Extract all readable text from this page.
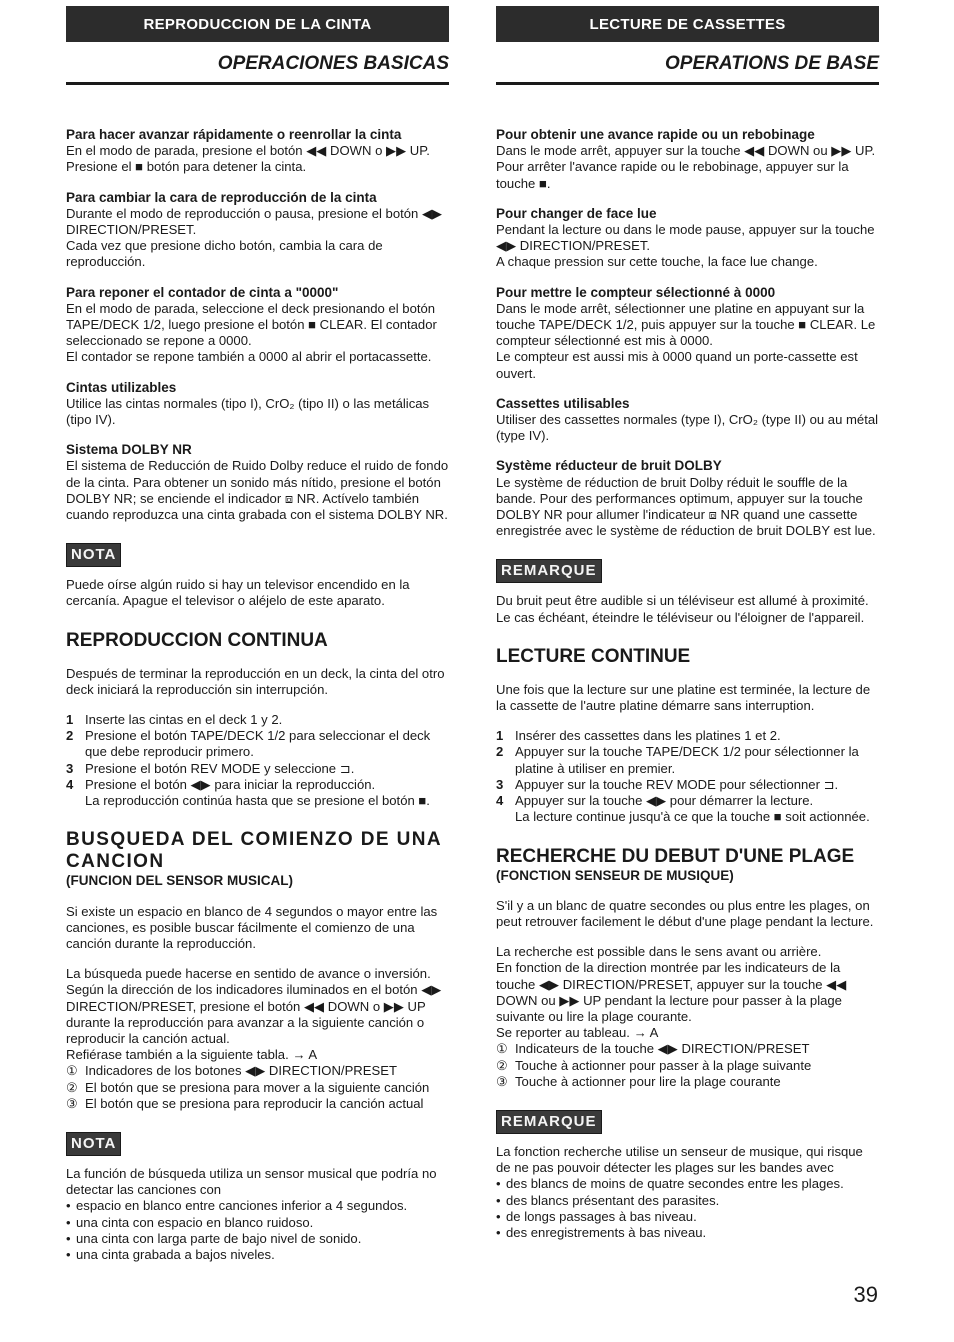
REPRODUCCION DE LA CINTA
OPERACIONES BASICAS

Para hacer avanzar rápidamente o reenrollar la cinta

En el modo de parada, presione el botón ◀◀ DOWN o ▶▶ UP. Presione el ■ botón para detener la cinta.

Para cambiar la cara de reproducción de la cinta

Durante el modo de reproducción o pausa, presione el botón ◀▶ DIRECTION/PRESET.

Cada vez que presione dicho botón, cambia la cara de reproducción.

Para reponer el contador de cinta a "0000"

En el modo de parada, seleccione el deck presionando el botón TAPE/DECK 1/2, luego presione el botón ■ CLEAR. El contador seleccionado se repone a 0000.

El contador se repone también a 0000 al abrir el portacassette.

Cintas utilizables

Utilice las cintas normales (tipo I), CrO₂ (tipo II) o las metálicas (tipo IV).

Sistema DOLBY NR

El sistema de Reducción de Ruido Dolby reduce el ruido de fondo de la cinta. Para obtener un sonido más nítido, presione el botón DOLBY NR; se enciende el indicador ⧈ NR. Actívelo también cuando reproduzca una cinta grabada con el sistema DOLBY NR.

NOTA

Puede oírse algún ruido si hay un televisor encendido en la cercanía. Apague el televisor o aléjelo de este aparato.

REPRODUCCION CONTINUA

Después de terminar la reproducción en un deck, la cinta del otro deck iniciará la reproducción sin interrupción.

1 Inserte las cintas en el deck 1 y 2.
2 Presione el botón TAPE/DECK 1/2 para seleccionar el deck que debe reproducir primero.
3 Presione el botón REV MODE y seleccione ⊐.
4 Presione el botón ◀▶ para iniciar la reproducción.
La reproducción continúa hasta que se presione el botón ■.

BUSQUEDA DEL COMIENZO DE UNA CANCION

(FUNCION DEL SENSOR MUSICAL)

Si existe un espacio en blanco de 4 segundos o mayor entre las canciones, es posible buscar fácilmente el comienzo de una canción durante la reproducción.

La búsqueda puede hacerse en sentido de avance o inversión.

Según la dirección de los indicadores iluminados en el botón ◀▶ DIRECTION/PRESET, presione el botón ◀◀ DOWN o ▶▶ UP durante la reproducción para avanzar a la siguiente canción o reproducir la canción actual.

Refiérase también a la siguiente tabla. → A

① Indicadores de los botones ◀▶ DIRECTION/PRESET
② El botón que se presiona para mover a la siguiente canción
③ El botón que se presiona para reproducir la canción actual
NOTA

La función de búsqueda utiliza un sensor musical que podría no detectar las canciones con

• espacio en blanco entre canciones inferior a 4 segundos.
• una cinta con espacio en blanco ruidoso.
• una cinta con larga parte de bajo nivel de sonido.
• una cinta grabada a bajos niveles.
LECTURE DE CASSETTES
OPERATIONS DE BASE

Pour obtenir une avance rapide ou un rebobinage

Dans le mode arrêt, appuyer sur la touche ◀◀ DOWN ou ▶▶ UP. Pour arrêter l'avance rapide ou le rebobinage, appuyer sur la touche ■.

Pour changer de face lue

Pendant la lecture ou dans le mode pause, appuyer sur la touche ◀▶ DIRECTION/PRESET.

A chaque pression sur cette touche, la face lue change.

Pour mettre le compteur sélectionné à 0000

Dans le mode arrêt, sélectionner une platine en appuyant sur la touche TAPE/DECK 1/2, puis appuyer sur la touche ■ CLEAR. Le compteur sélectionné est mis à 0000.

Le compteur est aussi mis à 0000 quand un porte-cassette est ouvert.

Cassettes utilisables

Utiliser des cassettes normales (type I), CrO₂ (type II) ou au métal (type IV).

Système réducteur de bruit DOLBY

Le système de réduction de bruit Dolby réduit le souffle de la bande. Pour des performances optimum, appuyer sur la touche DOLBY NR pour allumer l'indicateur ⧈ NR quand une cassette enregistrée avec le système de réduction de bruit DOLBY est lue.

REMARQUE

Du bruit peut être audible si un téléviseur est allumé à proximité. Le cas échéant, éteindre le téléviseur ou l'éloigner de l'appareil.

LECTURE CONTINUE

Une fois que la lecture sur une platine est terminée, la lecture de la cassette de l'autre platine démarre sans interruption.

1 Insérer des cassettes dans les platines 1 et 2.
2 Appuyer sur la touche TAPE/DECK 1/2 pour sélectionner la platine à utiliser en premier.
3 Appuyer sur la touche REV MODE pour sélectionner ⊐.
4 Appuyer sur la touche ◀▶ pour démarrer la lecture.
La lecture continue jusqu'à ce que la touche ■ soit actionnée.

RECHERCHE DU DEBUT D'UNE PLAGE

(FONCTION SENSEUR DE MUSIQUE)

S'il y a un blanc de quatre secondes ou plus entre les plages, on peut retrouver facilement le début d'une plage pendant la lecture.

La recherche est possible dans le sens avant ou arrière.

En fonction de la direction montrée par les indicateurs de la touche ◀▶ DIRECTION/PRESET, appuyer sur la touche ◀◀ DOWN ou ▶▶ UP pendant la lecture pour passer à la plage suivante ou lire la plage courante.

Se reporter au tableau. → A

① Indicateurs de la touche ◀▶ DIRECTION/PRESET
② Touche à actionner pour passer à la plage suivante
③ Touche à actionner pour lire la plage courante
REMARQUE

La fonction recherche utilise un senseur de musique, qui risque de ne pas pouvoir détecter les plages sur les bandes avec

• des blancs de moins de quatre secondes entre les plages.
• des blancs présentant des parasites.
• de longs passages à bas niveau.
• des enregistrements à bas niveau.
39
